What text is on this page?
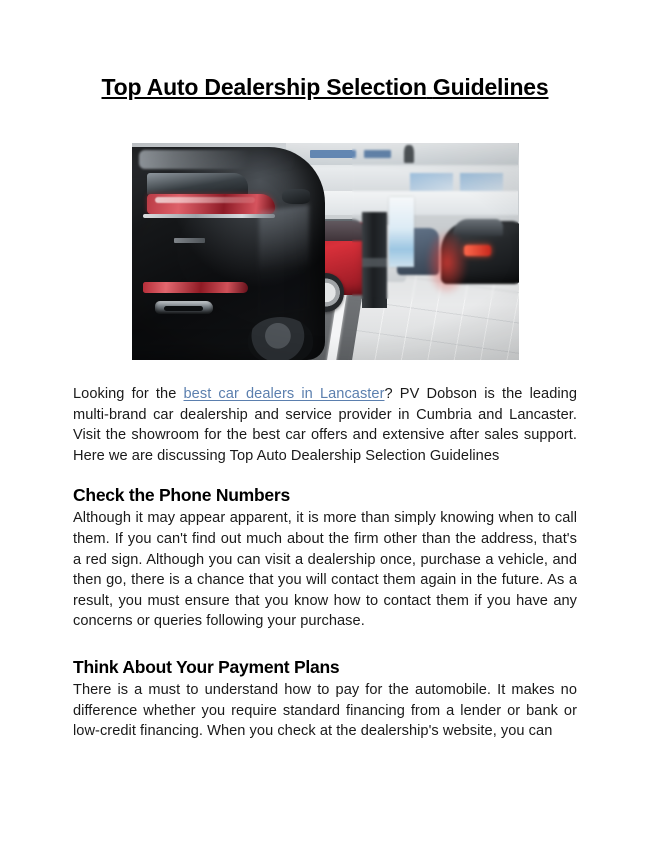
Top Auto Dealership Selection Guidelines

Looking for the best car dealers in Lancaster? PV Dobson is the leading multi-brand car dealership and service provider in Cumbria and Lancaster. Visit the showroom for the best car offers and extensive after sales support. Here we are discussing Top Auto Dealership Selection Guidelines

Check the Phone Numbers

Although it may appear apparent, it is more than simply knowing when to call them. If you can't find out much about the firm other than the address, that's a red sign. Although you can visit a dealership once, purchase a vehicle, and then go, there is a chance that you will contact them again in the future. As a result, you must ensure that you know how to contact them if you have any concerns or queries following your purchase.

Think About Your Payment Plans

There is a must to understand how to pay for the automobile. It makes no difference whether you require standard financing from a lender or bank or low-credit financing. When you check at the dealership's website, you can
